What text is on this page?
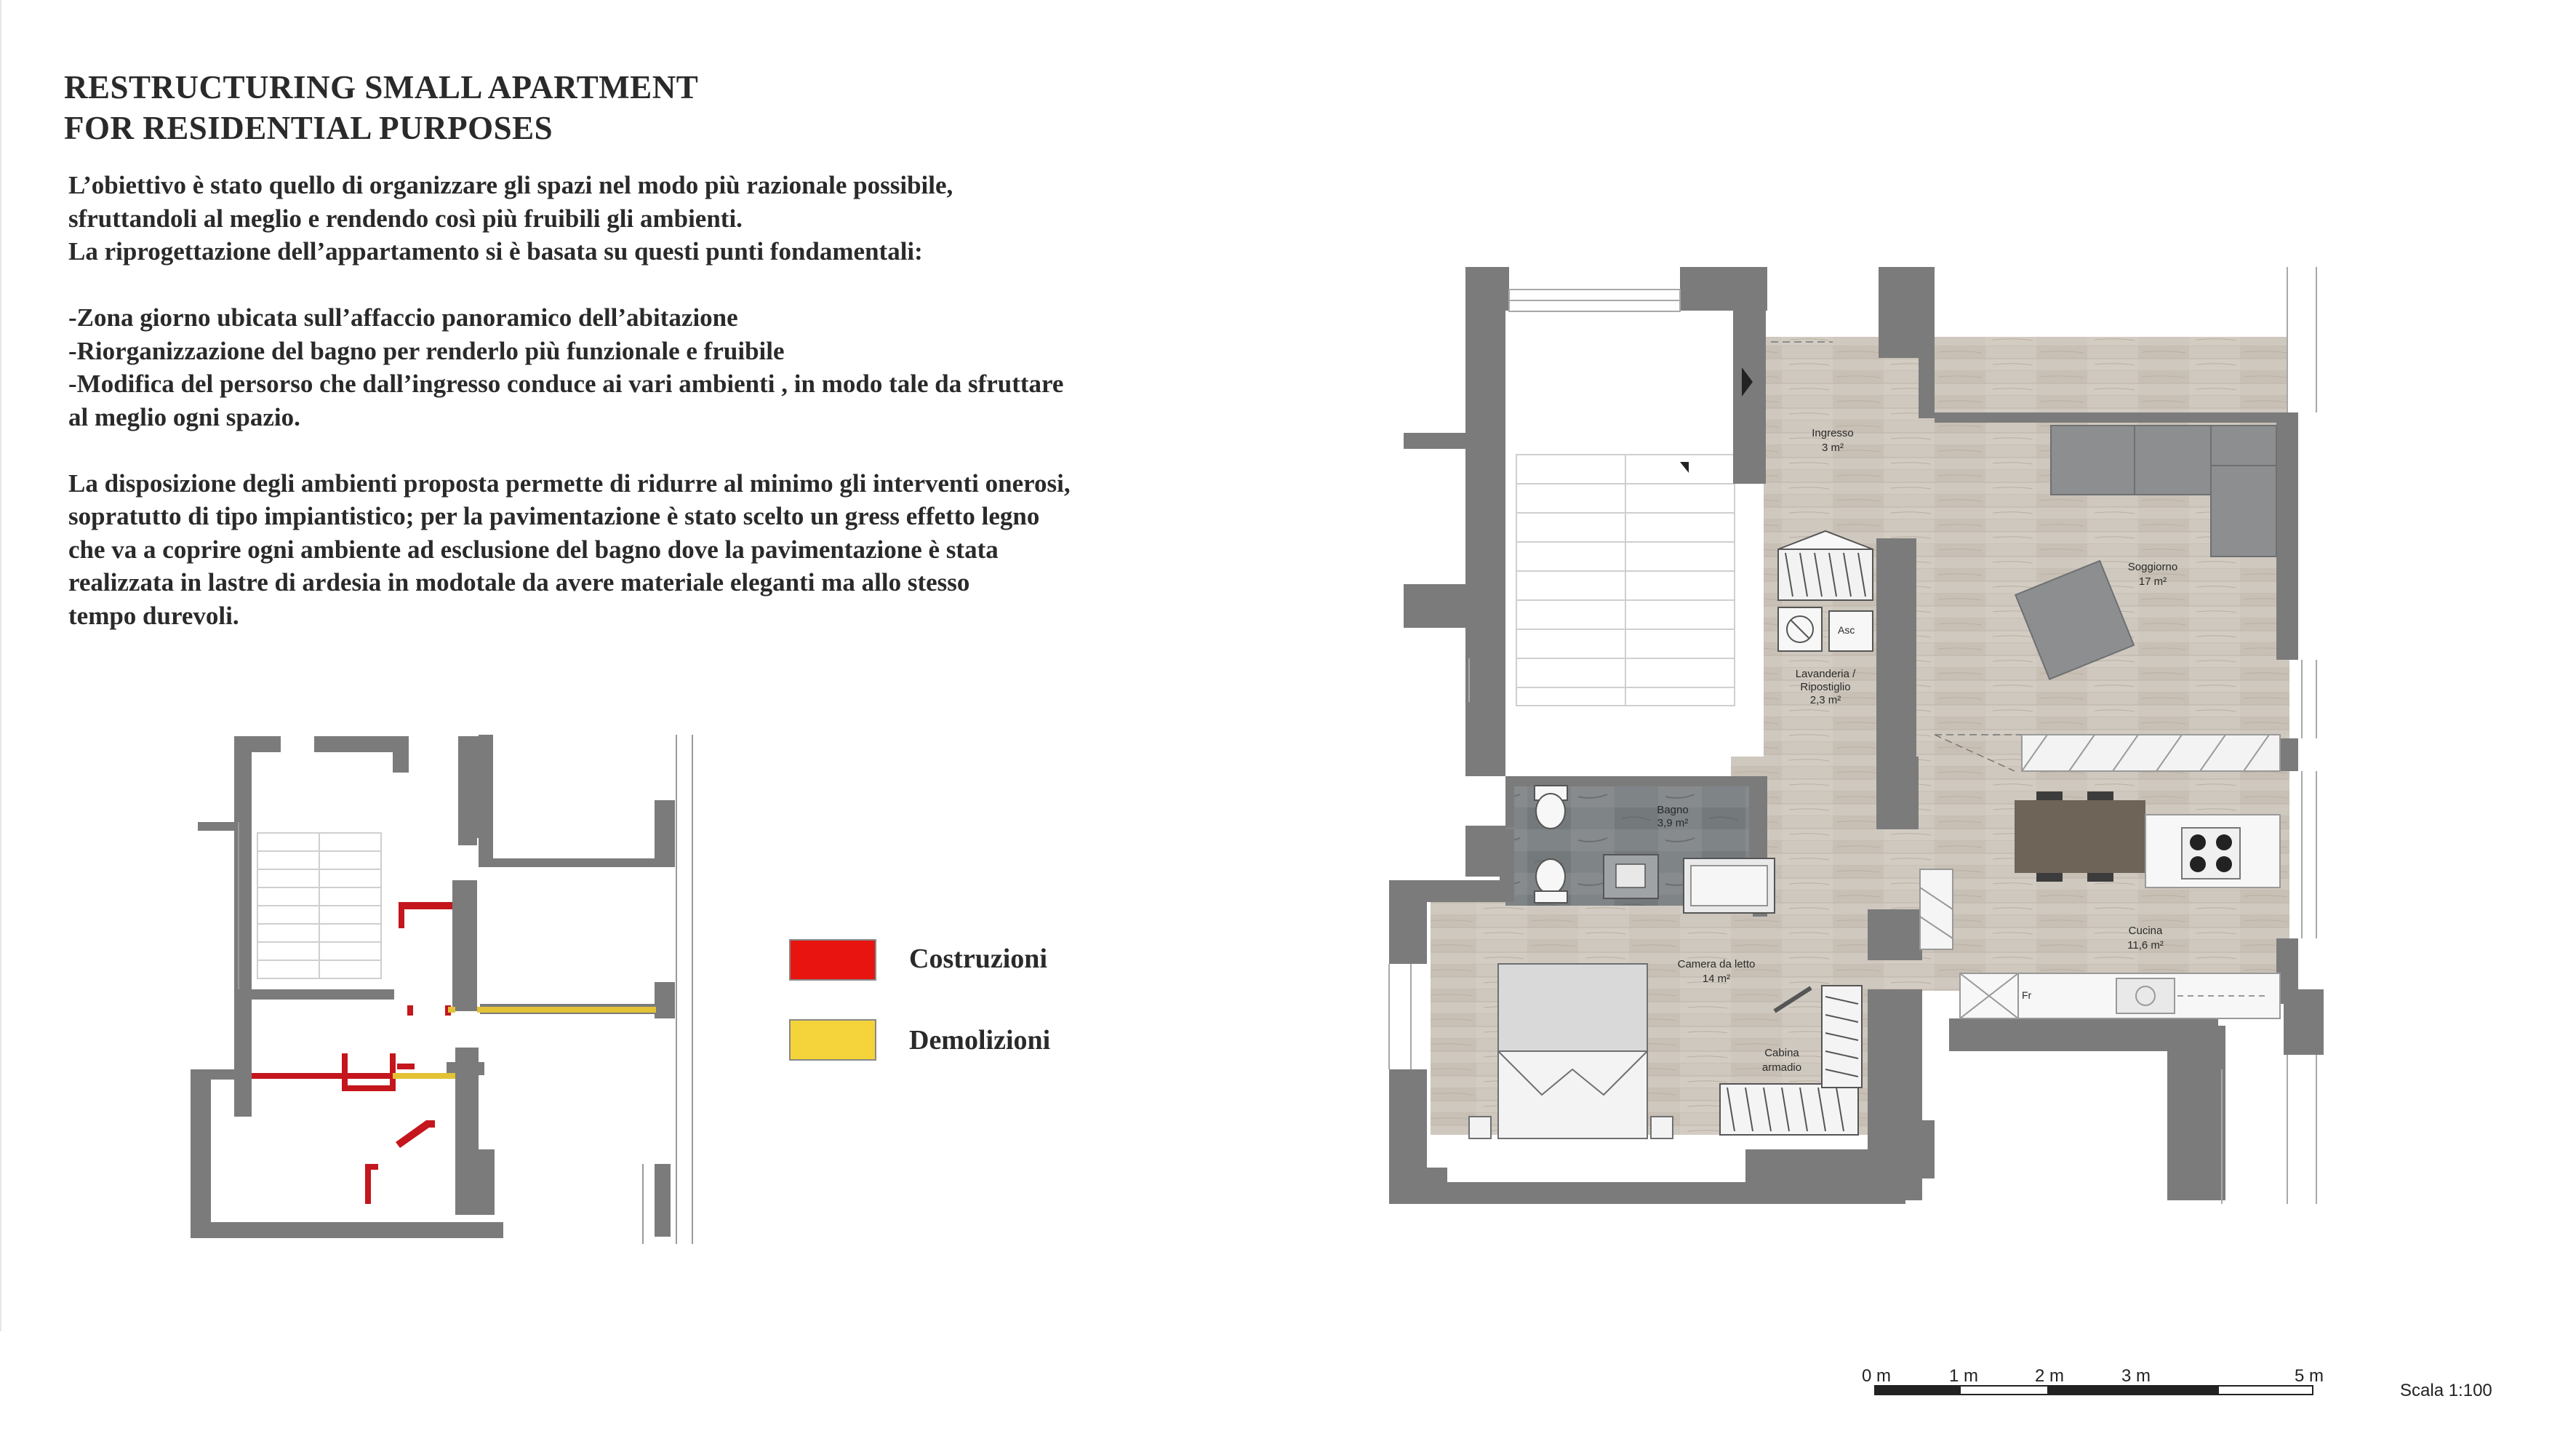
RESTRUCTURING SMALL APARTMENT
FOR RESIDENTIAL PURPOSES
L’obiettivo è stato quello di organizzare gli spazi nel modo più razionale possibile,
sfruttandoli al meglio e rendendo così più fruibili gli ambienti.
La riprogettazione dell’appartamento si è basata su questi punti fondamentali:

-Zona giorno ubicata sull’affaccio panoramico dell’abitazione
-Riorganizzazione del bagno per renderlo più funzionale e fruibile
-Modifica del persorso che dall’ingresso conduce ai vari ambienti , in modo tale da sfruttare
al meglio ogni spazio.

La disposizione degli ambienti proposta permette di ridurre al minimo gli interventi onerosi,
sopratutto di tipo impiantistico; per la pavimentazione è stato scelto un gress effetto legno
che va a coprire ogni ambiente ad esclusione del bagno dove la pavimentazione è stata
realizzata in lastre di ardesia in modotale da avere materiale eleganti ma allo stesso
tempo durevoli.
Costruzioni
Demolizioni
Ingresso
3 m²
Soggiorno
17 m²
Lavanderia /
Ripostiglio
2,3 m²
Bagno
3,9 m²
Cucina
11,6 m²
Camera da letto
14 m²
Cabina
armadio
Asc
Fr
0 m	1 m	2 m	3 m	5 m
Scala 1:100
